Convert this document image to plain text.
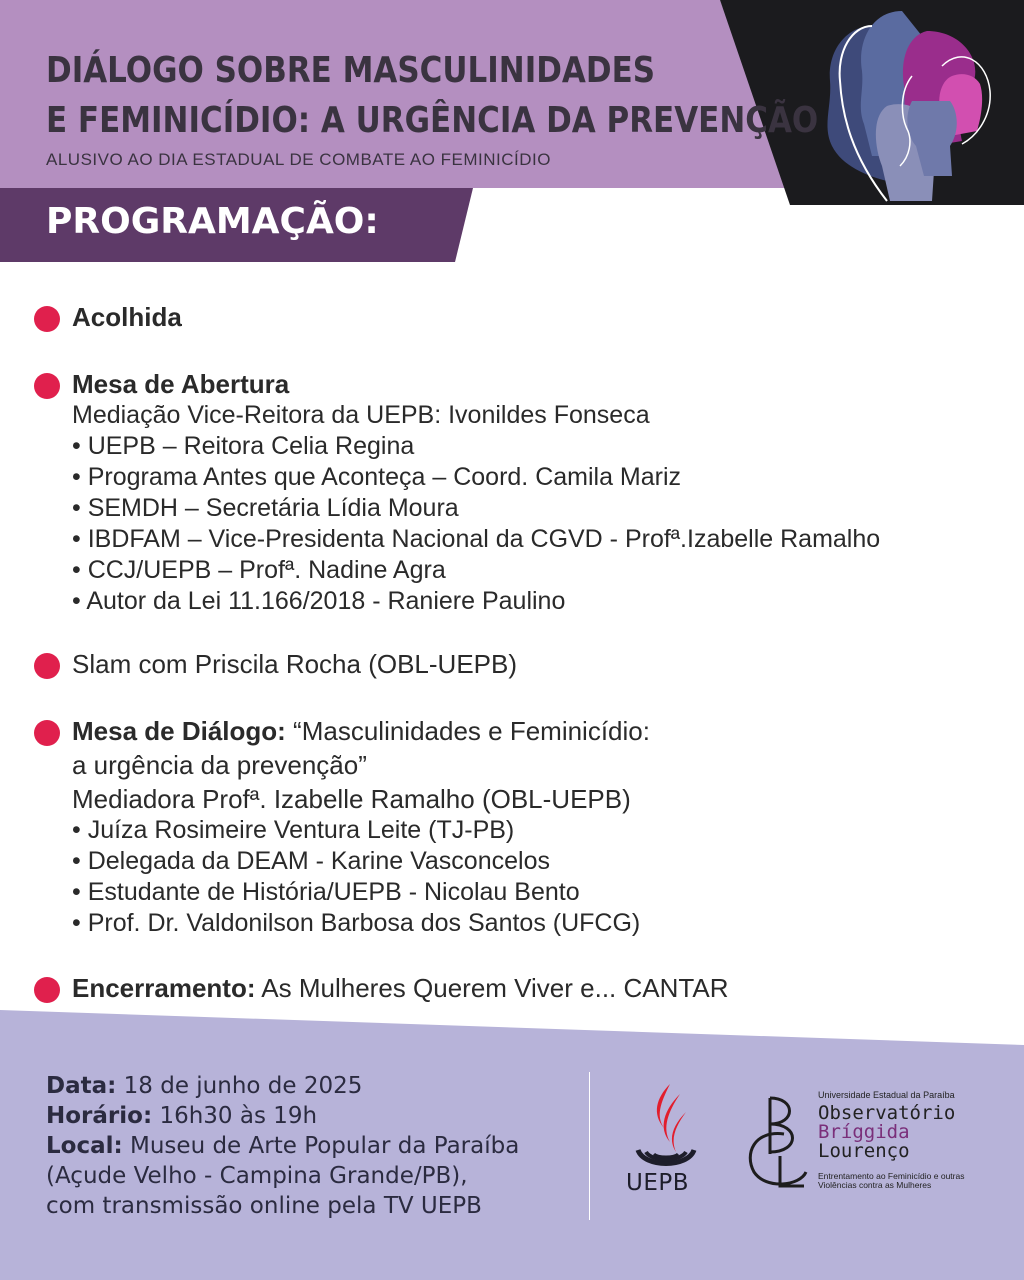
DIÁLOGO SOBRE MASCULINIDADES
E FEMINICÍDIO: A URGÊNCIA DA PREVENÇÃO
ALUSIVO AO DIA ESTADUAL DE COMBATE AO FEMINICÍDIO
PROGRAMAÇÃO:
Acolhida
Mesa de Abertura
Mediação Vice-Reitora da UEPB: Ivonildes Fonseca
• UEPB – Reitora Celia Regina
• Programa Antes que Aconteça – Coord. Camila Mariz
• SEMDH – Secretária Lídia Moura
• IBDFAM – Vice-Presidenta Nacional da CGVD - Profª.Izabelle Ramalho
• CCJ/UEPB – Profª. Nadine Agra
• Autor da Lei 11.166/2018 - Raniere Paulino
Slam com Priscila Rocha (OBL-UEPB)
Mesa de Diálogo: “Masculinidades e Feminicídio:
a urgência da prevenção”
Mediadora Profª. Izabelle Ramalho (OBL-UEPB)
• Juíza Rosimeire Ventura Leite (TJ-PB)
• Delegada da DEAM - Karine Vasconcelos
• Estudante de História/UEPB - Nicolau Bento
• Prof. Dr. Valdonilson Barbosa dos Santos (UFCG)
Encerramento: As Mulheres Querem Viver e... CANTAR
Data: 18 de junho de 2025
Horário: 16h30 às 19h
Local: Museu de Arte Popular da Paraíba
(Açude Velho - Campina Grande/PB),
com transmissão online pela TV UEPB
UEPB
Universidade Estadual da Paraíba
Observatório
Bríggida
Lourenço
Entrentamento ao Feminicídio e outras
Violências contra as Mulheres
